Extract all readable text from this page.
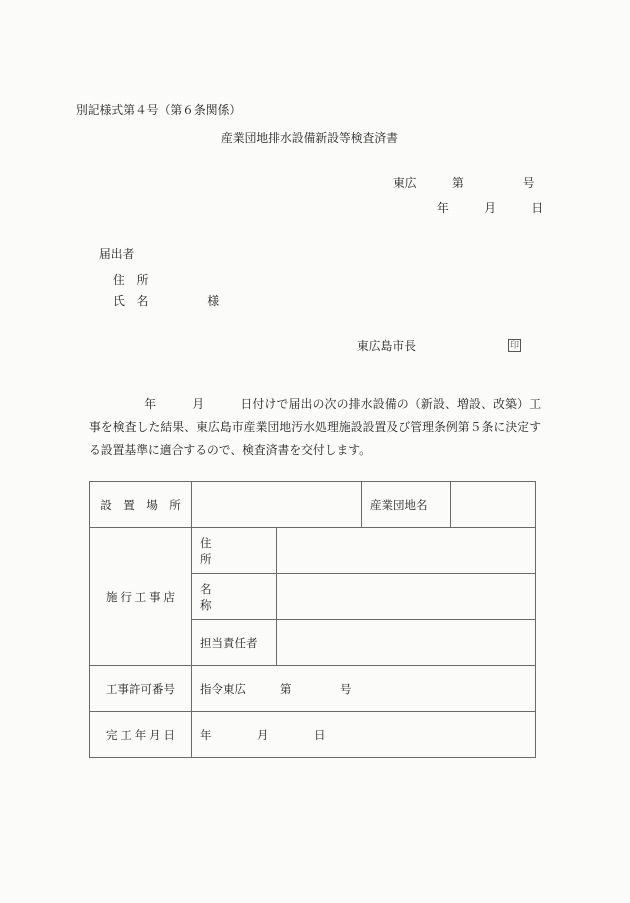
別記様式第４号（第６条関係）
産業団地排水設備新設等検査済書
東広　　　第　　　　　号
年　　　月　　　日
届出者
住　所
氏　名　　　　　様
東広島市長	印
年　　　月　　　日付けで届出の次の排水設備の（新設、増設、改築）工事を検査した結果、東広島市産業団地汚水処理施設設置及び管理条例第５条に決定する設置基準に適合するので、検査済書を交付します。
設　置　場　所			産業団地名	
施 行 工 事 店	住　　　　所			
	名　　　　称			
	担当責任者			
工事許可番号	指令東広 第 号			
完 工 年 月 日	年 月 日			
